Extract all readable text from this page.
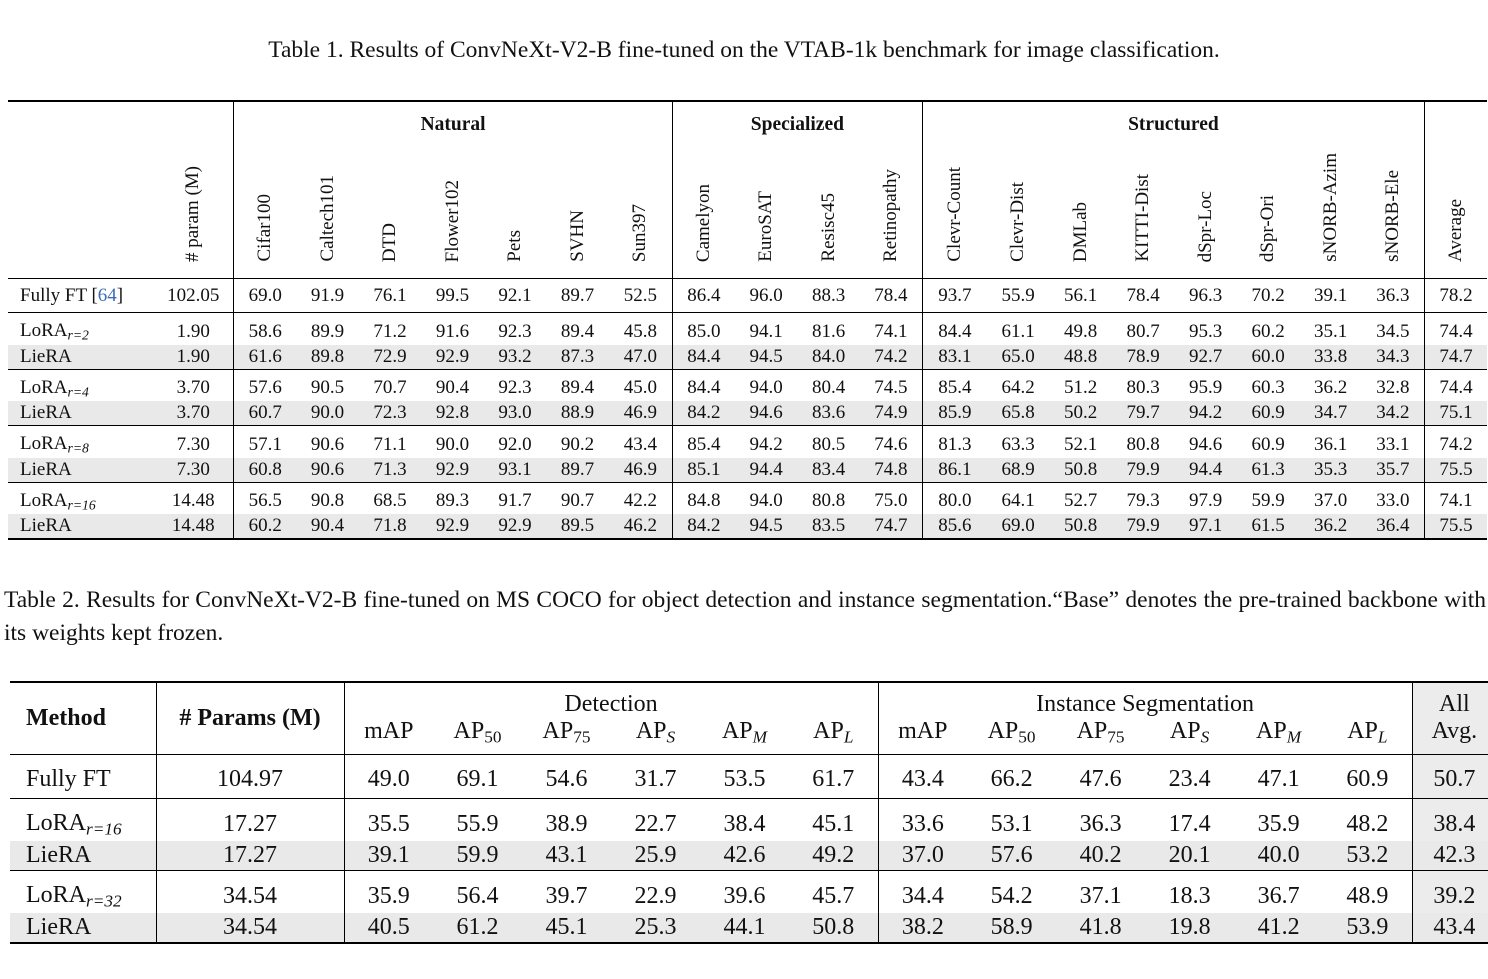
Table 1. Results of ConvNeXt-V2-B fine-tuned on the VTAB-1k benchmark for image classification.
		Natural							Specialized				Structured								
	# param (M)	Cifar100	Caltech101	DTD	Flower102	Pets	SVHN	Sun397	Camelyon	EuroSAT	Resisc45	Retinopathy	Clevr-Count	Clevr-Dist	DMLab	KITTI-Dist	dSpr-Loc	dSpr-Ori	sNORB-Azim	sNORB-Ele	Average
Fully FT [64]	102.05	69.0	91.9	76.1	99.5	92.1	89.7	52.5	86.4	96.0	88.3	78.4	93.7	55.9	56.1	78.4	96.3	70.2	39.1	36.3	78.2
LoRA$_{r=2}$	1.90	58.6	89.9	71.2	91.6	92.3	89.4	45.8	85.0	94.1	81.6	74.1	84.4	61.1	49.8	80.7	95.3	60.2	35.1	34.5	74.4
LieRA	1.90	61.6	89.8	72.9	92.9	93.2	87.3	47.0	84.4	94.5	84.0	74.2	83.1	65.0	48.8	78.9	92.7	60.0	33.8	34.3	74.7
LoRA$_{r=4}$	3.70	57.6	90.5	70.7	90.4	92.3	89.4	45.0	84.4	94.0	80.4	74.5	85.4	64.2	51.2	80.3	95.9	60.3	36.2	32.8	74.4
LieRA	3.70	60.7	90.0	72.3	92.8	93.0	88.9	46.9	84.2	94.6	83.6	74.9	85.9	65.8	50.2	79.7	94.2	60.9	34.7	34.2	75.1
LoRA$_{r=8}$	7.30	57.1	90.6	71.1	90.0	92.0	90.2	43.4	85.4	94.2	80.5	74.6	81.3	63.3	52.1	80.8	94.6	60.9	36.1	33.1	74.2
LieRA	7.30	60.8	90.6	71.3	92.9	93.1	89.7	46.9	85.1	94.4	83.4	74.8	86.1	68.9	50.8	79.9	94.4	61.3	35.3	35.7	75.5
LoRA$_{r=16}$	14.48	56.5	90.8	68.5	89.3	91.7	90.7	42.2	84.8	94.0	80.8	75.0	80.0	64.1	52.7	79.3	97.9	59.9	37.0	33.0	74.1
LieRA	14.48	60.2	90.4	71.8	92.9	92.9	89.5	46.2	84.2	94.5	83.5	74.7	85.6	69.0	50.8	79.9	97.1	61.5	36.2	36.4	75.5
Table 2. Results for ConvNeXt-V2-B fine-tuned on MS COCO for object detection and instance segmentation.“Base” denotes the pre-trained backbone with its weights kept frozen.
Method	# Params (M)	Detection						Instance Segmentation						All
		mAP	$AP_{50}$	$AP_{75}$	$AP_S$	$AP_M$	$AP_L$	mAP	$AP_{50}$	$AP_{75}$	$AP_S$	$AP_M$	$AP_L$	Avg.
Fully FT	104.97	49.0	69.1	54.6	31.7	53.5	61.7	43.4	66.2	47.6	23.4	47.1	60.9	50.7
LoRA$_{r=16}$	17.27	35.5	55.9	38.9	22.7	38.4	45.1	33.6	53.1	36.3	17.4	35.9	48.2	38.4
LieRA	17.27	39.1	59.9	43.1	25.9	42.6	49.2	37.0	57.6	40.2	20.1	40.0	53.2	42.3
LoRA$_{r=32}$	34.54	35.9	56.4	39.7	22.9	39.6	45.7	34.4	54.2	37.1	18.3	36.7	48.9	39.2
LieRA	34.54	40.5	61.2	45.1	25.3	44.1	50.8	38.2	58.9	41.8	19.8	41.2	53.9	43.4
